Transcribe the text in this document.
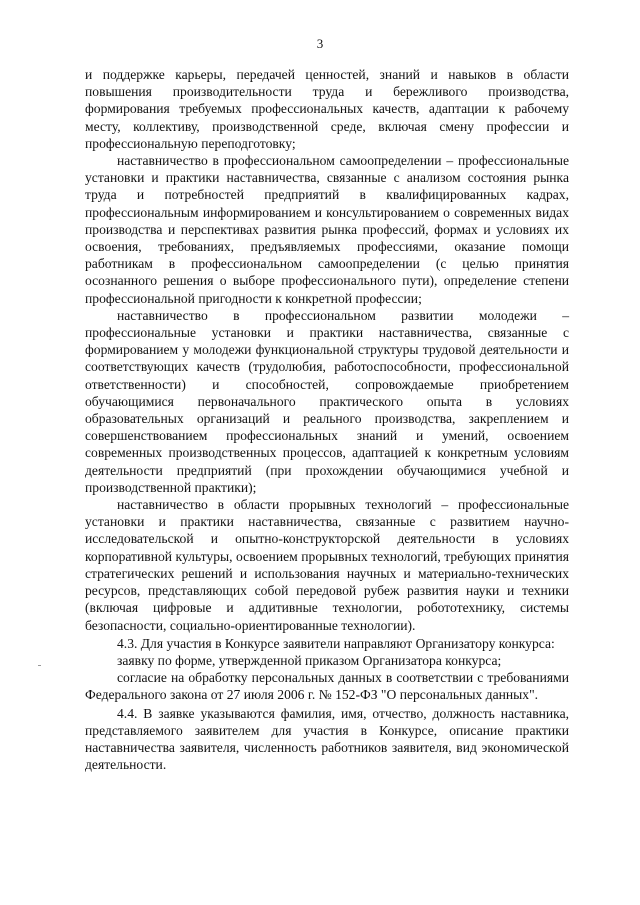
3

и поддержке карьеры, передачей ценностей, знаний и навыков в области повышения производительности труда и бережливого производства, формирования требуемых профессиональных качеств, адаптации к рабочему месту, коллективу, производственной среде, включая смену профессии и профессиональную переподготовку;

наставничество в профессиональном самоопределении – профессиональные установки и практики наставничества, связанные с анализом состояния рынка труда и потребностей предприятий в квалифицированных кадрах, профессиональным информированием и консультированием о современных видах производства и перспективах развития рынка профессий, формах и условиях их освоения, требованиях, предъявляемых профессиями, оказание помощи работникам в профессиональном самоопределении (с целью принятия осознанного решения о выборе профессионального пути), определение степени профессиональной пригодности к конкретной профессии;

наставничество в профессиональном развитии молодежи – профессиональные установки и практики наставничества, связанные с формированием у молодежи функциональной структуры трудовой деятельности и соответствующих качеств (трудолюбия, работоспособности, профессиональной ответственности) и способностей, сопровождаемые приобретением обучающимися первоначального практического опыта в условиях образовательных организаций и реального производства, закреплением и совершенствованием профессиональных знаний и умений, освоением современных производственных процессов, адаптацией к конкретным условиям деятельности предприятий (при прохождении обучающимися учебной и производственной практики);

наставничество в области прорывных технологий – профессиональные установки и практики наставничества, связанные с развитием научно-исследовательской и опытно-конструкторской деятельности в условиях корпоративной культуры, освоением прорывных технологий, требующих принятия стратегических решений и использования научных и материально-технических ресурсов, представляющих собой передовой рубеж развития науки и техники (включая цифровые и аддитивные технологии, робототехнику, системы безопасности, социально-ориентированные технологии).

4.3. Для участия в Конкурсе заявители направляют Организатору конкурса:

заявку по форме, утвержденной приказом Организатора конкурса;

согласие на обработку персональных данных в соответствии с требованиями Федерального закона от 27 июля 2006 г. № 152-ФЗ "О персональных данных".

4.4. В заявке указываются фамилия, имя, отчество, должность наставника, представляемого заявителем для участия в Конкурсе, описание практики наставничества заявителя, численность работников заявителя, вид экономической деятельности.
